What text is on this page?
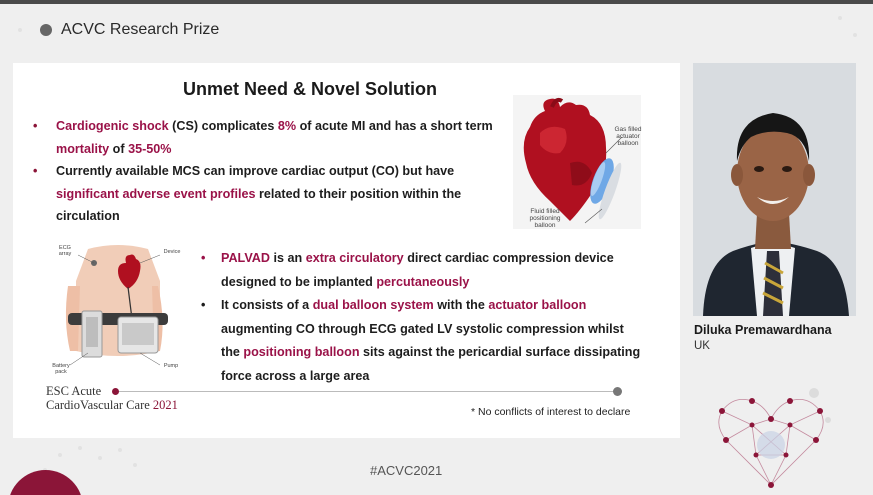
ACVC Research Prize
Unmet Need & Novel Solution
• Cardiogenic shock (CS) complicates 8% of acute MI and has a short term mortality of 35-50%
• Currently available MCS can improve cardiac output (CO) but have significant adverse event profiles related to their position within the circulation
Gas filled actuator balloon
Fluid filled positioning balloon
ECG array	Device
Battery pack
Pump
• PALVAD is an extra circulatory direct cardiac compression device designed to be implanted percutaneously
• It consists of a dual balloon system with the actuator balloon augmenting CO through ECG gated LV systolic compression whilst the positioning balloon sits against the pericardial surface dissipating force across a large area
ESC Acute
CardioVascular Care 2021	* No conflicts of interest to declare
Diluka Premawardhana
UK
#ACVC2021
